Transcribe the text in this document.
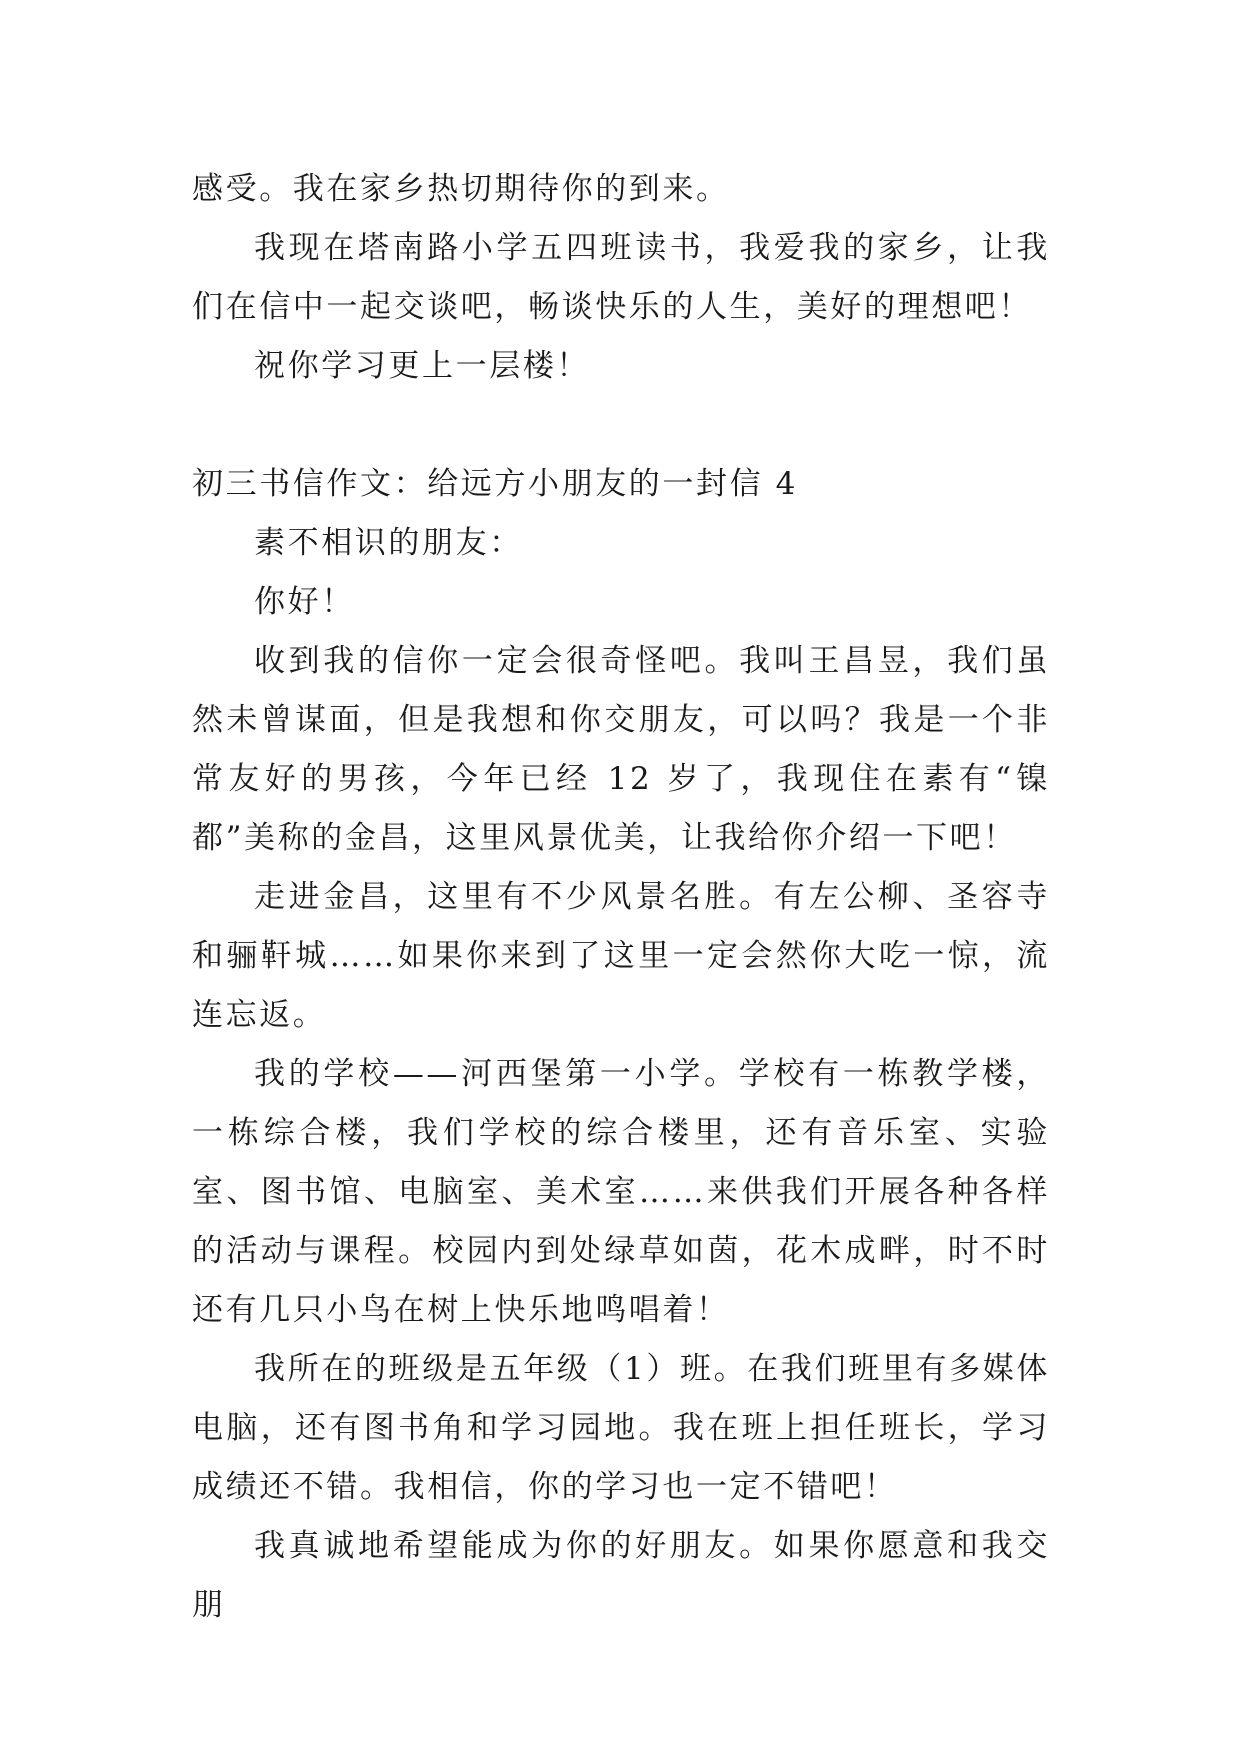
感受。我在家乡热切期待你的到来。

我现在塔南路小学五四班读书，我爱我的家乡，让我们在信中一起交谈吧，畅谈快乐的人生，美好的理想吧！

祝你学习更上一层楼！

初三书信作文：给远方小朋友的一封信 4

素不相识的朋友：

你好！

收到我的信你一定会很奇怪吧。我叫王昌昱，我们虽然未曾谋面，但是我想和你交朋友，可以吗？我是一个非常友好的男孩，今年已经 12 岁了，我现住在素有“镍都”美称的金昌，这里风景优美，让我给你介绍一下吧！

走进金昌，这里有不少风景名胜。有左公柳、圣容寺和骊靬城……如果你来到了这里一定会然你大吃一惊，流连忘返。

我的学校——河西堡第一小学。学校有一栋教学楼，一栋综合楼，我们学校的综合楼里，还有音乐室、实验室、图书馆、电脑室、美术室……来供我们开展各种各样的活动与课程。校园内到处绿草如茵，花木成畔，时不时还有几只小鸟在树上快乐地鸣唱着！

我所在的班级是五年级（1）班。在我们班里有多媒体电脑，还有图书角和学习园地。我在班上担任班长，学习成绩还不错。我相信，你的学习也一定不错吧！

我真诚地希望能成为你的好朋友。如果你愿意和我交朋
